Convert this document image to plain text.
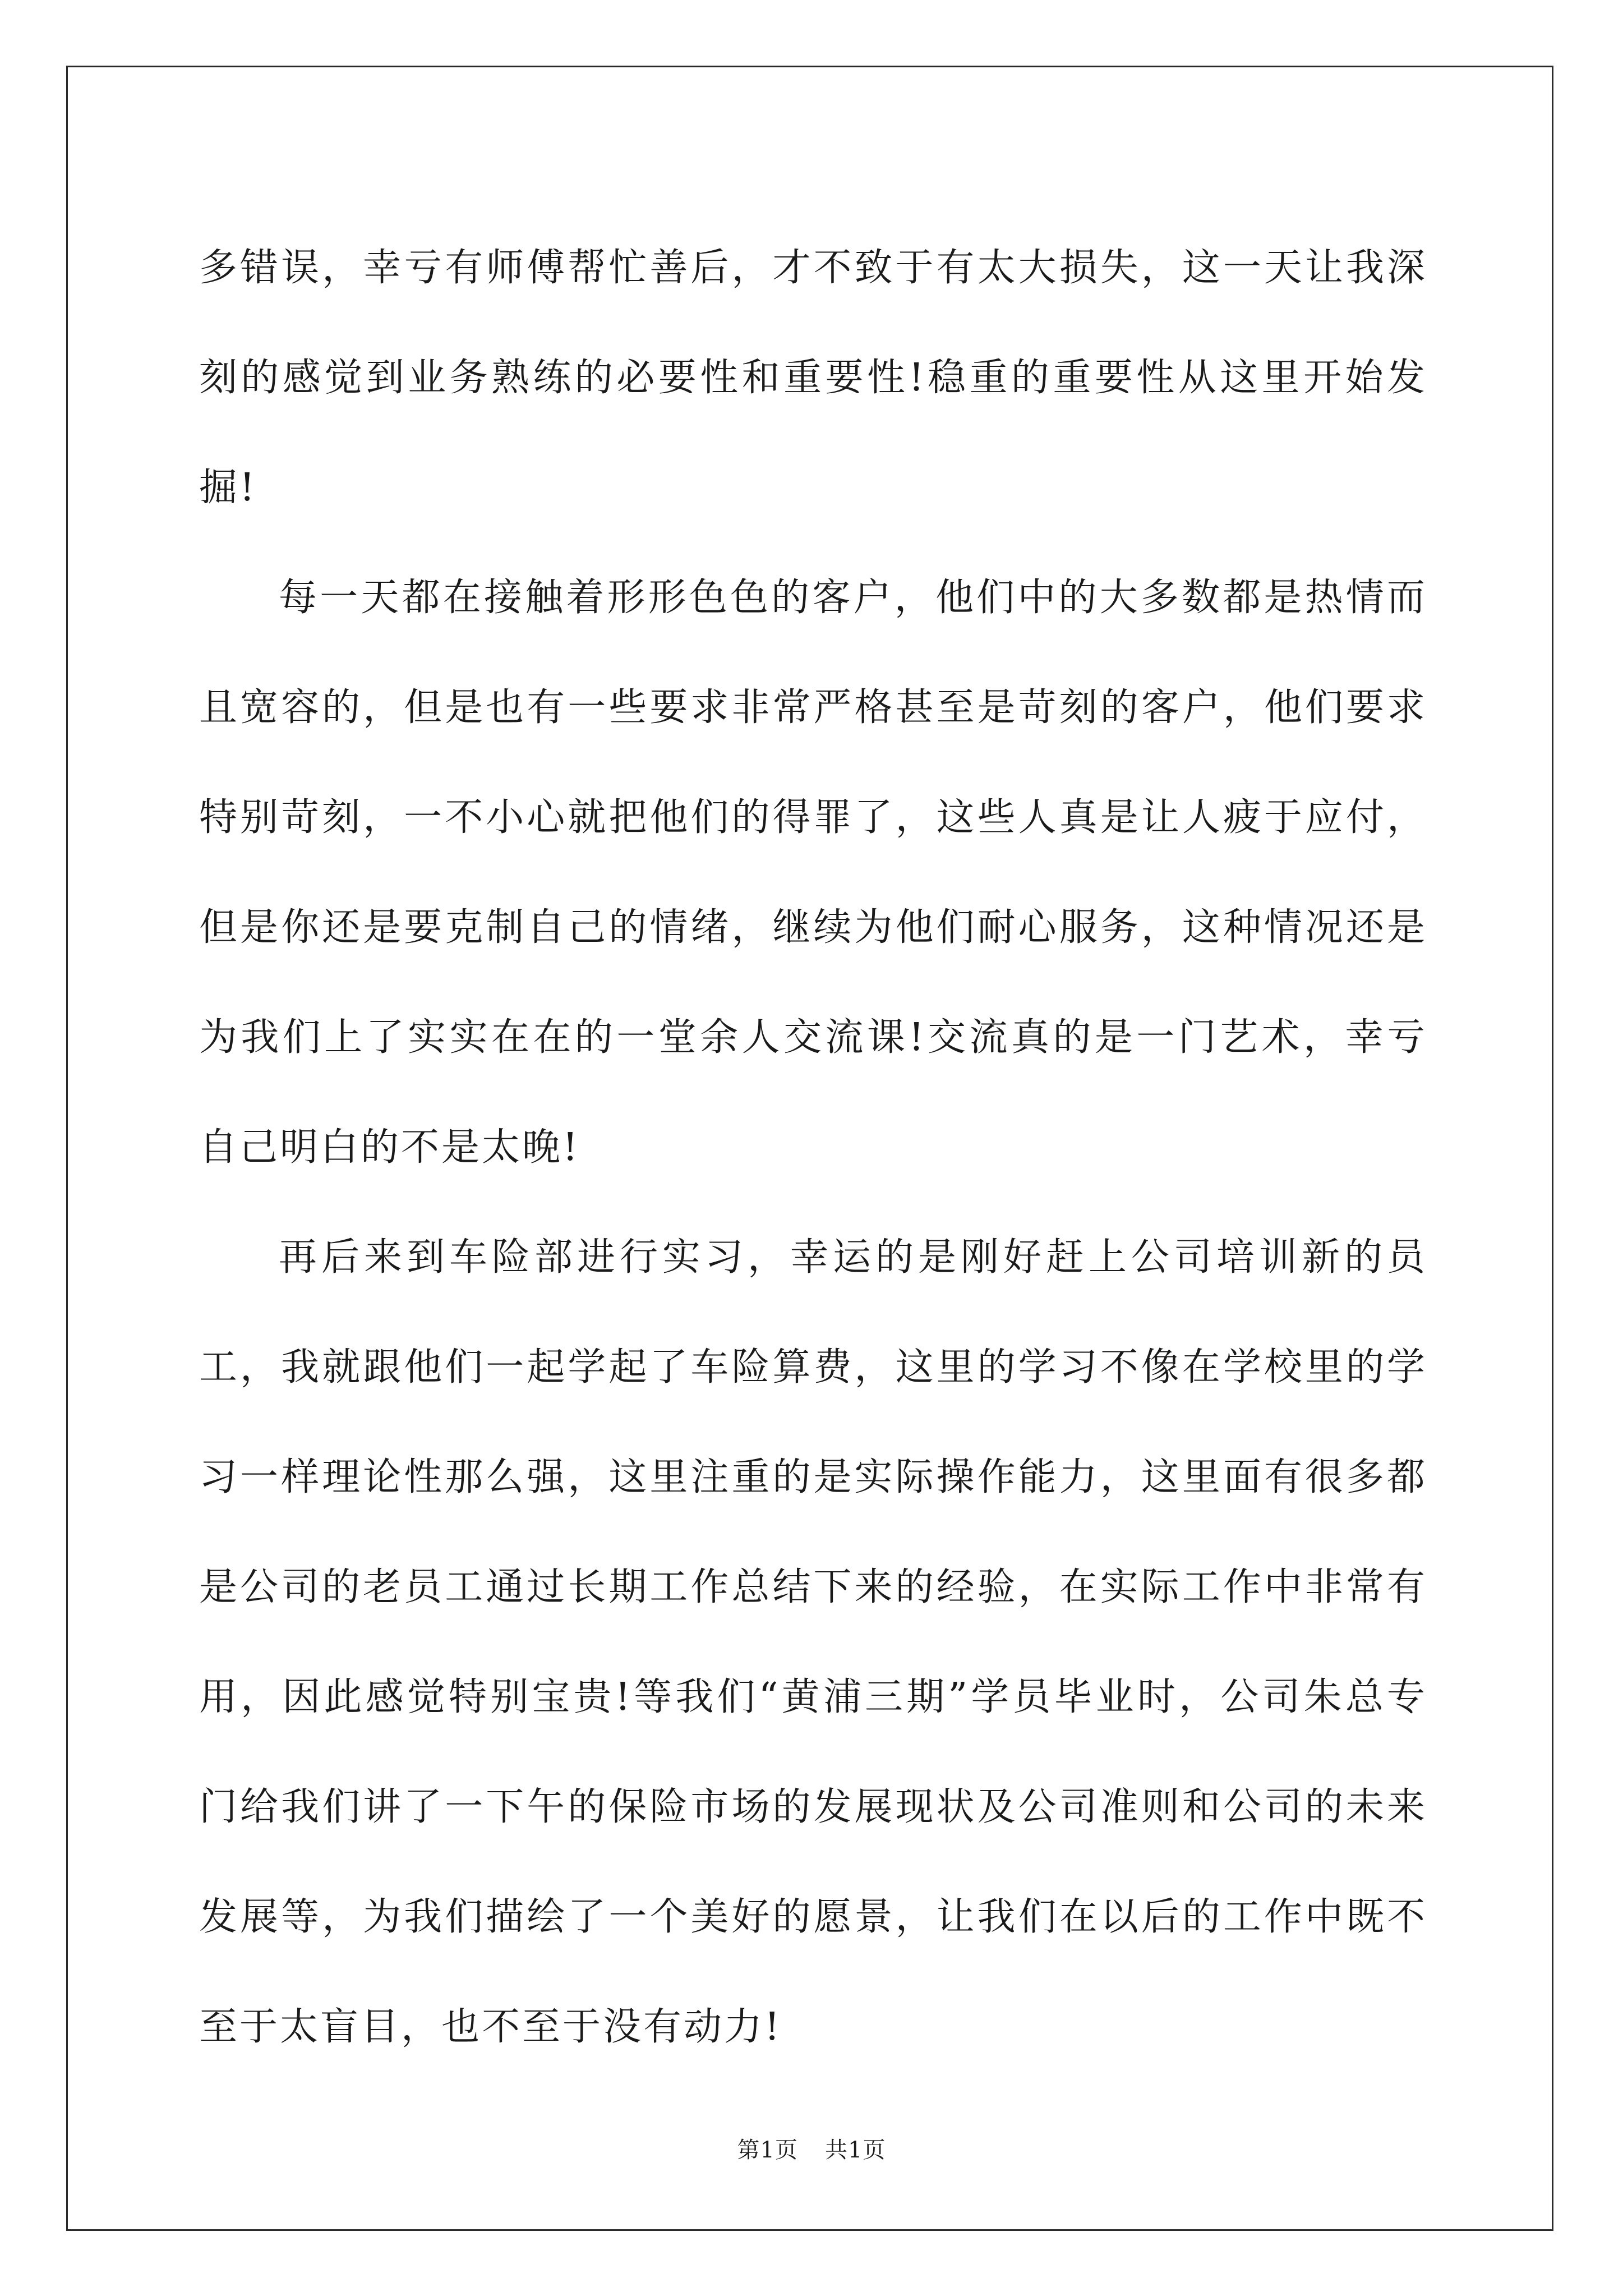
多错误，幸亏有师傅帮忙善后，才不致于有太大损失，这一天让我深刻的感觉到业务熟练的必要性和重要性!稳重的重要性从这里开始发掘!

每一天都在接触着形形色色的客户，他们中的大多数都是热情而且宽容的，但是也有一些要求非常严格甚至是苛刻的客户，他们要求特别苛刻，一不小心就把他们的得罪了，这些人真是让人疲于应付，但是你还是要克制自己的情绪，继续为他们耐心服务，这种情况还是为我们上了实实在在的一堂余人交流课!交流真的是一门艺术，幸亏自己明白的不是太晚!

再后来到车险部进行实习，幸运的是刚好赶上公司培训新的员工，我就跟他们一起学起了车险算费，这里的学习不像在学校里的学习一样理论性那么强，这里注重的是实际操作能力，这里面有很多都是公司的老员工通过长期工作总结下来的经验，在实际工作中非常有用，因此感觉特别宝贵!等我们“黄浦三期”学员毕业时，公司朱总专门给我们讲了一下午的保险市场的发展现状及公司准则和公司的未来发展等，为我们描绘了一个美好的愿景，让我们在以后的工作中既不至于太盲目，也不至于没有动力!

第1页 共1页
